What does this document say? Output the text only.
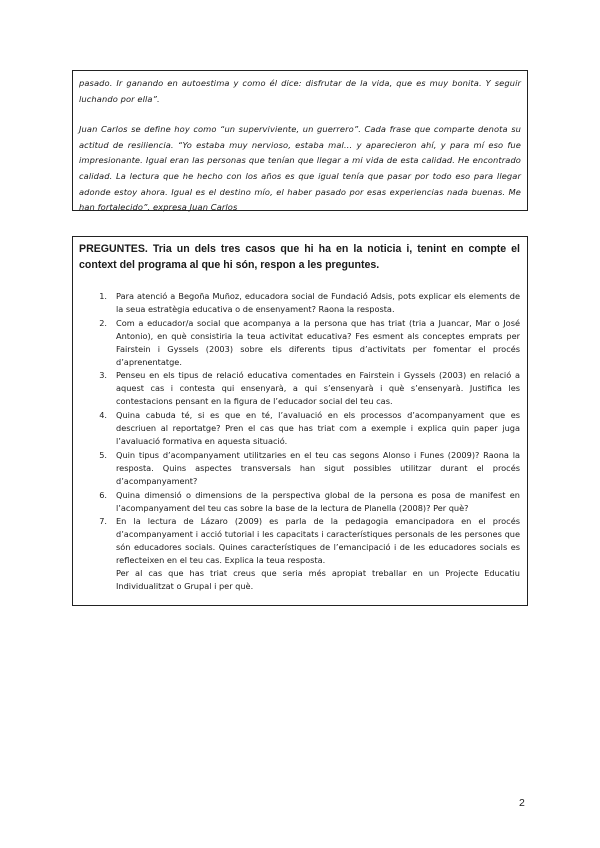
pasado. Ir ganando en autoestima y como él dice: disfrutar de la vida, que es muy bonita. Y seguir luchando por ella”.

Juan Carlos se define hoy como “un superviviente, un guerrero”. Cada frase que comparte denota su actitud de resiliencia. “Yo estaba muy nervioso, estaba mal… y aparecieron ahí, y para mí eso fue impresionante. Igual eran las personas que tenían que llegar a mi vida de esta calidad. He encontrado calidad. La lectura que he hecho con los años es que igual tenía que pasar por todo eso para llegar adonde estoy ahora. Igual es el destino mío, el haber pasado por esas experiencias nada buenas. Me han fortalecido”, expresa Juan Carlos

PREGUNTES. Tria un dels tres casos que hi ha en la noticia i, tenint en compte el context del programa al que hi són, respon a les preguntes.

1.	Para atenció a Begoña Muñoz, educadora social de Fundació Adsis, pots explicar els elements de la seua estratègia educativa o de ensenyament? Raona la resposta.
2.	Com a educador/a social que acompanya a la persona que has triat (tria a Juancar, Mar o José Antonio), en què consistiria la teua activitat educativa? Fes esment als conceptes emprats per Fairstein i Gyssels (2003) sobre els diferents tipus d’activitats per fomentar el procés d’aprenentatge.
3.	Penseu en els tipus de relació educativa comentades en Fairstein i Gyssels (2003) en relació a aquest cas i contesta qui ensenyarà, a qui s’ensenyarà i què s’ensenyarà. Justifica les contestacions pensant en la figura de l’educador social del teu cas.
4.	Quina cabuda té, si es que en té, l’avaluació en els processos d’acompanyament que es descriuen al reportatge? Pren el cas que has triat com a exemple i explica quin paper juga l’avaluació formativa en aquesta situació.
5.	Quin tipus d’acompanyament utilitzaries en el teu cas segons Alonso i Funes (2009)? Raona la resposta. Quins aspectes transversals han sigut possibles utilitzar durant el procés d’acompanyament?
6.	Quina dimensió o dimensions de la perspectiva global de la persona es posa de manifest en l’acompanyament del teu cas sobre la base de la lectura de Planella (2008)? Per què?
7.	En la lectura de Lázaro (2009) es parla de la pedagogia emancipadora en el procés d’acompanyament i acció tutorial i les capacitats i característiques personals de les persones que són educadores socials. Quines característiques de l’emancipació i de les educadores socials es reflecteixen en el teu cas. Explica la teua resposta.

Per al cas que has triat creus que seria més apropiat treballar en un Projecte Educatiu Individualitzat o Grupal i per què.

2
